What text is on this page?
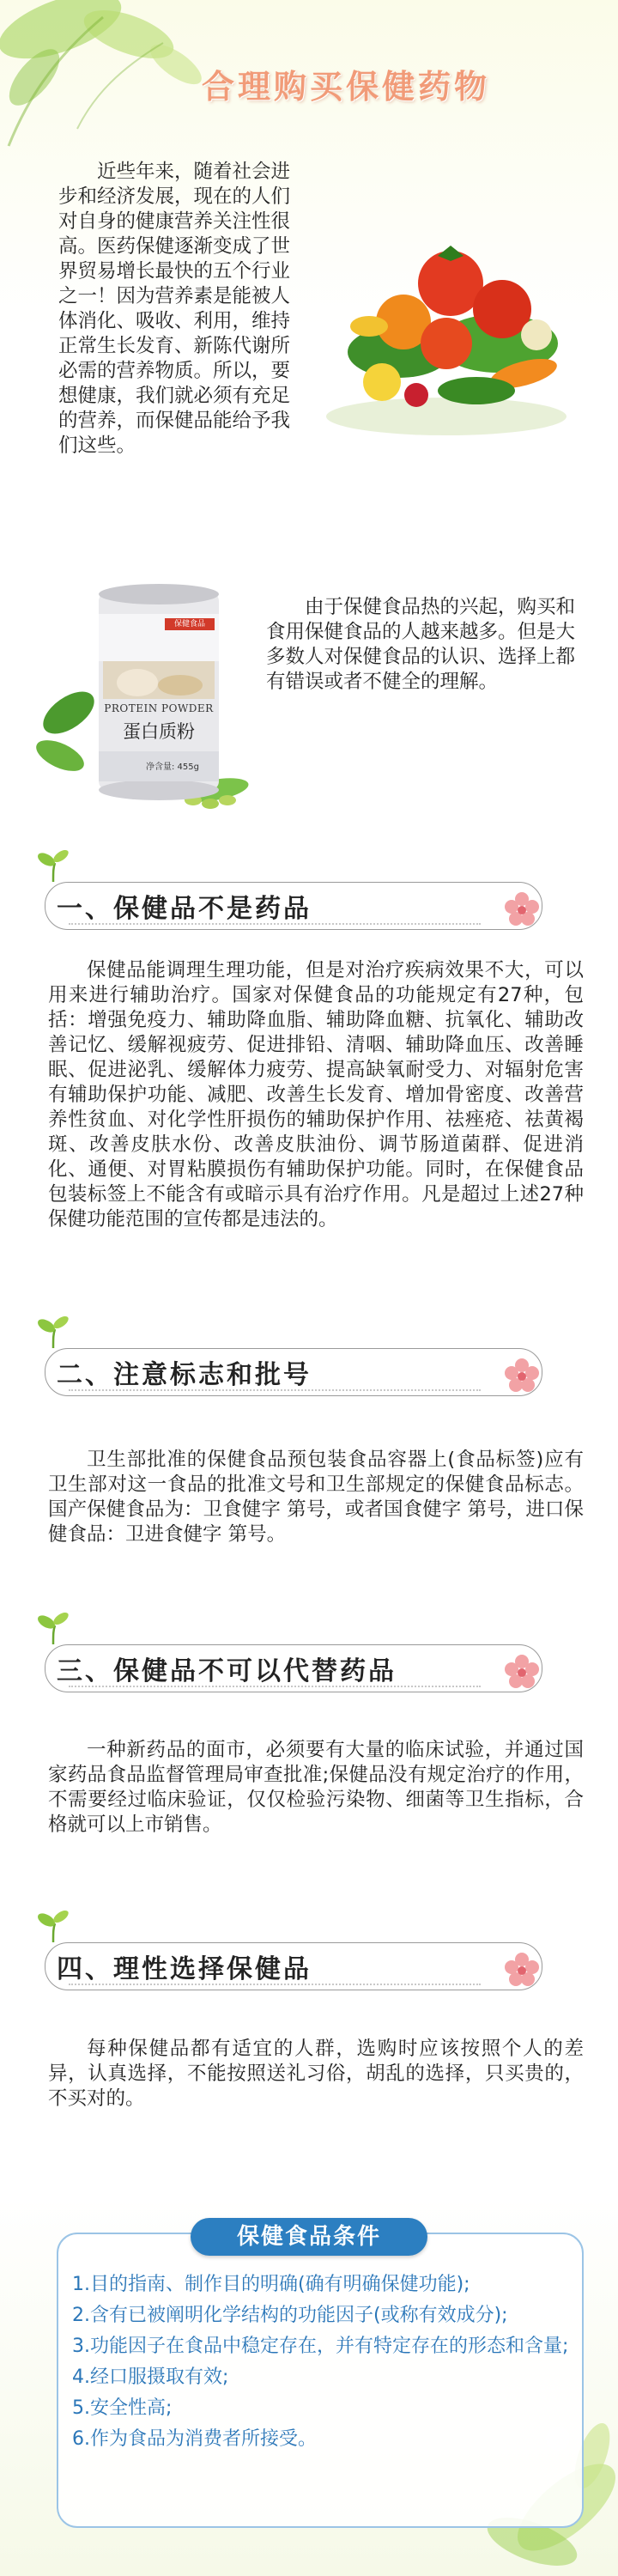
合理购买保健药物

近些年来，随着社会进步和经济发展，现在的人们对自身的健康营养关注性很高。医药保健逐渐变成了世界贸易增长最快的五个行业之一！因为营养素是能被人体消化、吸收、利用，维持正常生长发育、新陈代谢所必需的营养物质。所以，要想健康，我们就必须有充足的营养，而保健品能给予我们这些。

保健食品
PROTEIN POWDER
蛋白质粉
净含量: 455g

由于保健食品热的兴起，购买和食用保健食品的人越来越多。但是大多数人对保健食品的认识、选择上都有错误或者不健全的理解。

一、保健品不是药品

保健品能调理生理功能，但是对治疗疾病效果不大，可以用来进行辅助治疗。国家对保健食品的功能规定有27种，包括：增强免疫力、辅助降血脂、辅助降血糖、抗氧化、辅助改善记忆、缓解视疲劳、促进排铅、清咽、辅助降血压、改善睡眠、促进泌乳、缓解体力疲劳、提高缺氧耐受力、对辐射危害有辅助保护功能、减肥、改善生长发育、增加骨密度、改善营养性贫血、对化学性肝损伤的辅助保护作用、祛痤疮、祛黄褐斑、改善皮肤水份、改善皮肤油份、调节肠道菌群、促进消化、通便、对胃粘膜损伤有辅助保护功能。同时，在保健食品包装标签上不能含有或暗示具有治疗作用。凡是超过上述27种保健功能范围的宣传都是违法的。

二、注意标志和批号

卫生部批准的保健食品预包装食品容器上(食品标签)应有卫生部对这一食品的批准文号和卫生部规定的保健食品标志。国产保健食品为：卫食健字 第号，或者国食健字 第号，进口保健食品：卫进食健字 第号。

三、保健品不可以代替药品

一种新药品的面市，必须要有大量的临床试验，并通过国家药品食品监督管理局审查批准;保健品没有规定治疗的作用，不需要经过临床验证，仅仅检验污染物、细菌等卫生指标，合格就可以上市销售。

四、理性选择保健品

每种保健品都有适宜的人群，选购时应该按照个人的差异，认真选择，不能按照送礼习俗，胡乱的选择，只买贵的，不买对的。

保健食品条件
1.目的指南、制作目的明确(确有明确保健功能);
2.含有已被阐明化学结构的功能因子(或称有效成分);
3.功能因子在食品中稳定存在，并有特定存在的形态和含量;
4.经口服摄取有效;
5.安全性高;
6.作为食品为消费者所接受。
